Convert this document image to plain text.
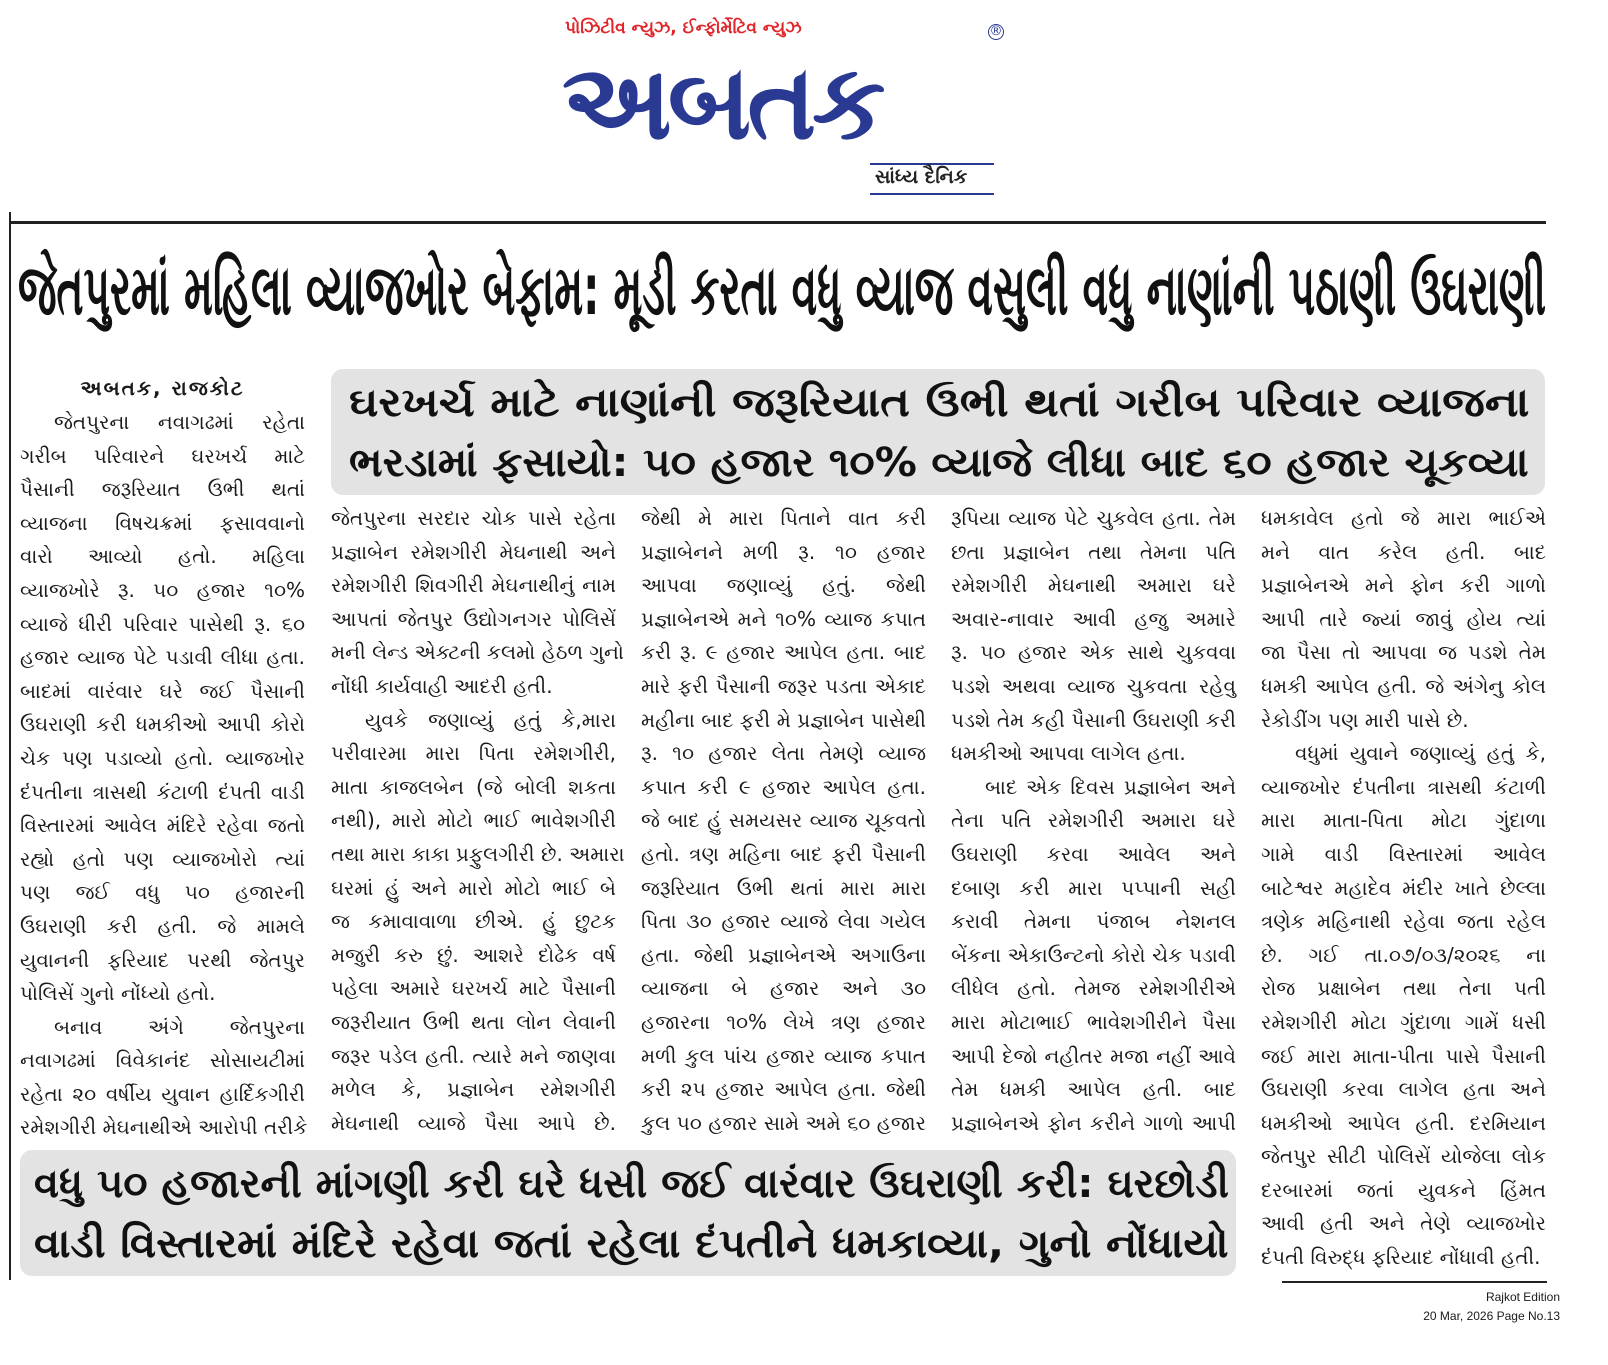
પોઝિટીવ ન્યુઝ, ઈન્ફોર્મેટિવ ન્યુઝ
અબતક
®
સાંધ્ય દૈનિક
જેતપુરમાં મહિલા વ્યાજખોર બેફામ: મૂડી કરતા વધુ વ્યાજ વસુલી વધુ નાણાંની પઠાણી ઉઘરાણી
ઘરખર્ચ માટે નાણાંની જરૂરિયાત ઉભી થતાં ગરીબ પરિવાર વ્યાજના
ભરડામાં ફસાયો: ૫૦ હજાર ૧૦% વ્યાજે લીધા બાદ ૬૦ હજાર ચૂકવ્યા
વધુ ૫૦ હજારની માંગણી કરી ઘરે ધસી જઈ વારંવાર ઉઘરાણી કરી: ઘરછોડી
વાડી વિસ્તારમાં મંદિરે રહેવા જતાં રહેલા દંપતીને ધમકાવ્યા, ગુનો નોંધાયો
અબતક, રાજકોટ
જેતપુરના નવાગઢમાં રહેતા
ગરીબ પરિવારને ઘરખર્ચ માટે
પૈસાની જરૂરિયાત ઉભી થતાં
વ્યાજના વિષચક્રમાં ફસાવવાનો
વારો આવ્યો હતો. મહિલા
વ્યાજખોરે રૂ. ૫૦ હજાર ૧૦%
વ્યાજે ધીરી પરિવાર પાસેથી રૂ. ૬૦
હજાર વ્યાજ પેટે પડાવી લીધા હતા.
બાદમાં વારંવાર ઘરે જઈ પૈસાની
ઉઘરાણી કરી ધમકીઓ આપી કોરો
ચેક પણ પડાવ્યો હતો. વ્યાજખોર
દંપતીના ત્રાસથી કંટાળી દંપતી વાડી
વિસ્તારમાં આવેલ મંદિરે રહેવા જતો
રહ્યો હતો પણ વ્યાજખોરો ત્યાં
પણ જઈ વધુ ૫૦ હજારની
ઉઘરાણી કરી હતી. જે મામલે
યુવાનની ફરિયાદ પરથી જેતપુર
પોલિસેં ગુનો નોંધ્યો હતો.
બનાવ અંગે જેતપુરના
નવાગઢમાં વિવેકાનંદ સોસાયટીમાં
રહેતા ૨૦ વર્ષીય યુવાન હાર્દિકગીરી
રમેશગીરી મેઘનાથીએ આરોપી તરીકે
જેતપુરના સરદાર ચોક પાસે રહેતા
પ્રજ્ઞાબેન રમેશગીરી મેઘનાથી અને
રમેશગીરી શિવગીરી મેઘનાથીનું નામ
આપતાં જેતપુર ઉદ્યોગનગર પોલિસેં
મની લેન્ડ એક્ટની કલમો હેઠળ ગુનો
નોંધી કાર્યવાહી આદરી હતી.
યુવકે જણાવ્યું હતું કે,મારા
પરીવારમા મારા પિતા રમેશગીરી,
માતા કાજલબેન (જે બોલી શકતા
નથી), મારો મોટો ભાઈ ભાવેશગીરી
તથા મારા કાકા પ્રફુલગીરી છે. અમારા
ઘરમાં હું અને મારો મોટો ભાઈ બે
જ કમાવાવાળા છીએ. હું છુટક
મજુરી કરુ છું. આશરે દોઢેક વર્ષ
પહેલા અમારે ઘરખર્ચ માટે પૈસાની
જરૂરીયાત ઉભી થતા લોન લેવાની
જરૂર પડેલ હતી. ત્યારે મને જાણવા
મળેલ કે, પ્રજ્ઞાબેન રમેશગીરી
મેઘનાથી વ્યાજે પૈસા આપે છે.
જેથી મે મારા પિતાને વાત કરી
પ્રજ્ઞાબેનને મળી રૂ. ૧૦ હજાર
આપવા જણાવ્યું હતું. જેથી
પ્રજ્ઞાબેનએ મને ૧૦% વ્યાજ કપાત
કરી રૂ. ૯ હજાર આપેલ હતા. બાદ
મારે ફરી પૈસાની જરૂર પડતા એકાદ
મહીના બાદ ફરી મે પ્રજ્ઞાબેન પાસેથી
રૂ. ૧૦ હજાર લેતા તેમણે વ્યાજ
કપાત કરી ૯ હજાર આપેલ હતા.
જે બાદ હું સમયસર વ્યાજ ચૂકવતો
હતો. ત્રણ મહિના બાદ ફરી પૈસાની
જરૂરિયાત ઉભી થતાં મારા મારા
પિતા ૩૦ હજાર વ્યાજે લેવા ગયેલ
હતા. જેથી પ્રજ્ઞાબેનએ અગાઉના
વ્યાજના બે હજાર અને ૩૦
હજારના ૧૦% લેખે ત્રણ હજાર
મળી કુલ પાંચ હજાર વ્યાજ કપાત
કરી ૨૫ હજાર આપેલ હતા. જેથી
કુલ ૫૦ હજાર સામે અમે ૬૦ હજાર
રૂપિયા વ્યાજ પેટે ચુકવેલ હતા. તેમ
છતા પ્રજ્ઞાબેન તથા તેમના પતિ
રમેશગીરી મેઘનાથી અમારા ઘરે
અવાર-નાવાર આવી હજુ અમારે
રૂ. ૫૦ હજાર એક સાથે ચુકવવા
પડશે અથવા વ્યાજ ચુકવતા રહેવુ
પડશે તેમ કહી પૈસાની ઉઘરાણી કરી
ધમકીઓ આપવા લાગેલ હતા.
બાદ એક દિવસ પ્રજ્ઞાબેન અને
તેના પતિ રમેશગીરી અમારા ઘરે
ઉઘરાણી કરવા આવેલ અને
દબાણ કરી મારા પપ્પાની સહી
કરાવી તેમના પંજાબ નેશનલ
બેંકના એકાઉન્ટનો કોરો ચેક પડાવી
લીધેલ હતો. તેમજ રમેશગીરીએ
મારા મોટાભાઈ ભાવેશગીરીને પૈસા
આપી દેજો નહીતર મજા નહીં આવે
તેમ ધમકી આપેલ હતી. બાદ
પ્રજ્ઞાબેનએ ફોન કરીને ગાળો આપી
ધમકાવેલ હતો જે મારા ભાઈએ
મને વાત કરેલ હતી. બાદ
પ્રજ્ઞાબેનએ મને ફોન કરી ગાળો
આપી તારે જ્યાં જાવું હોય ત્યાં
જા પૈસા તો આપવા જ પડશે તેમ
ધમકી આપેલ હતી. જે અંગેનુ કોલ
રેકોડીંગ પણ મારી પાસે છે.
વધુમાં યુવાને જણાવ્યું હતું કે,
વ્યાજખોર દંપતીના ત્રાસથી કંટાળી
મારા માતા-પિતા મોટા ગુંદાળા
ગામે વાડી વિસ્તારમાં આવેલ
બાટેશ્વર મહાદેવ મંદીર ખાતે છેલ્લા
ત્રણેક મહિનાથી રહેવા જતા રહેલ
છે. ગઈ તા.૦૭/૦૩/૨૦૨૬ ના
રોજ પ્રક્ષાબેન તથા તેના પતી
રમેશગીરી મોટા ગુંદાળા ગામેં ધસી
જઈ મારા માતા-પીતા પાસે પૈસાની
ઉઘરાણી કરવા લાગેલ હતા અને
ધમકીઓ આપેલ હતી. દરમિયાન
જેતપુર સીટી પોલિસેં યોજેલા લોક
દરબારમાં જતાં યુવકને હિંમત
આવી હતી અને તેણે વ્યાજખોર
દંપતી વિરુદ્ધ ફરિયાદ નોંધાવી હતી.
Rajkot Edition
20 Mar, 2026 Page No.13
